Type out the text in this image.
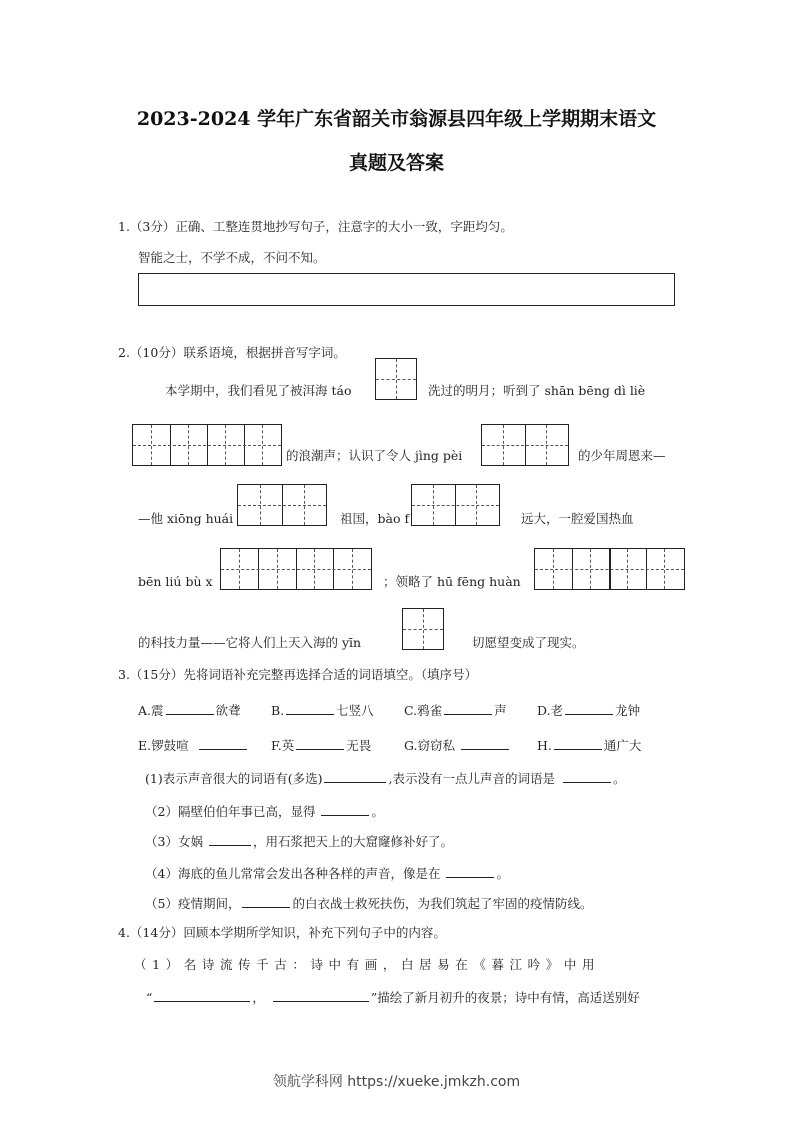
2023-2024 学年广东省韶关市翁源县四年级上学期期末语文
真题及答案
1.（3分）正确、工整连贯地抄写句子，注意字的大小一致，字距均匀。
智能之士，不学不成，不问不知。
2.（10分）联系语境，根据拼音写字词。
本学期中，我们看见了被洱海 táo	洗过的明月；听到了 shān bēng dì liè
的浪潮声；认识了令人 jìng pèi	的少年周恩来—
—他 xiōng huái	祖国，bào f	远大，一腔爱国热血
bēn liú bù x	；领略了 hū fēng huàn
的科技力量——它将人们上天入海的 yīn	切愿望变成了现实。
3.（15分）先将词语补充完整再选择合适的词语填空。（填序号）
A.震	欲聋 B.	七竖八 C.鸦雀	声 D.老	龙钟
E.锣鼓喧	F.英	无畏	G.窃窃私	H.	通广大
(1)表示声音很大的词语有(多选)	,表示没有一点儿声音的词语是	。
（2）隔壁伯伯年事已高，显得	。
（3）女娲	，用石浆把天上的大窟窿修补好了。
（4）海底的鱼儿常常会发出各种各样的声音，像是在	。
（5）疫情期间，	的白衣战士救死扶伤，为我们筑起了牢固的疫情防线。
4.（14分）回顾本学期所学知识，补充下列句子中的内容。
（1）名诗流传千古：诗中有画，白居易在《暮江吟》中用
“	，	”描绘了新月初升的夜景；诗中有情，高适送别好
领航学科网 https://xueke.jmkzh.com
